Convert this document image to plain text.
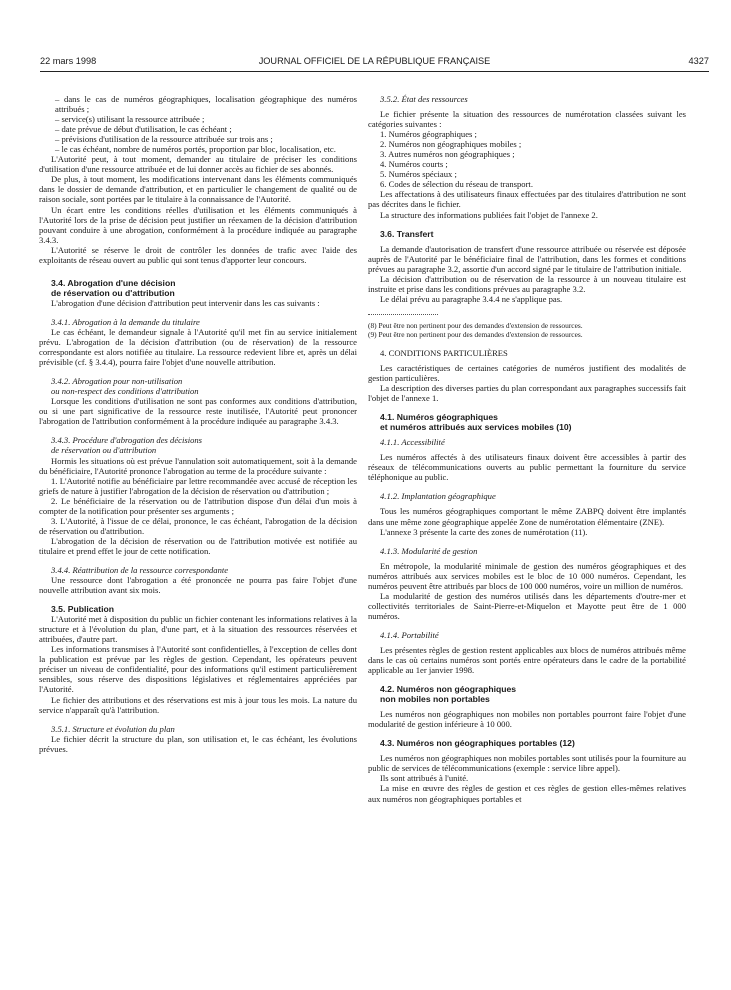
22 mars 1998	JOURNAL OFFICIEL DE LA RÉPUBLIQUE FRANÇAISE	4327

– dans le cas de numéros géographiques, localisation géographique des numéros attribués ;

– service(s) utilisant la ressource attribuée ;

– date prévue de début d'utilisation, le cas échéant ;

– prévisions d'utilisation de la ressource attribuée sur trois ans ;

– le cas échéant, nombre de numéros portés, proportion par bloc, localisation, etc.

L'Autorité peut, à tout moment, demander au titulaire de préciser les conditions d'utilisation d'une ressource attribuée et de lui donner accès au fichier de ses abonnés.

De plus, à tout moment, les modifications intervenant dans les éléments communiqués dans le dossier de demande d'attribution, et en particulier le changement de qualité ou de raison sociale, sont portées par le titulaire à la connaissance de l'Autorité.

Un écart entre les conditions réelles d'utilisation et les éléments communiqués à l'Autorité lors de la prise de décision peut justifier un réexamen de la décision d'attribution pouvant conduire à une abrogation, conformément à la procédure indiquée au paragraphe 3.4.3.

L'Autorité se réserve le droit de contrôler les données de trafic avec l'aide des exploitants de réseau ouvert au public qui sont tenus d'apporter leur concours.

3.4. Abrogation d'une décision

de réservation ou d'attribution

L'abrogation d'une décision d'attribution peut intervenir dans les cas suivants :

3.4.1. Abrogation à la demande du titulaire

Le cas échéant, le demandeur signale à l'Autorité qu'il met fin au service initialement prévu. L'abrogation de la décision d'attribution (ou de réservation) de la ressource correspondante est alors notifiée au titulaire. La ressource redevient libre et, après un délai prévisible (cf. § 3.4.4), pourra faire l'objet d'une nouvelle attribution.

3.4.2. Abrogation pour non-utilisation

ou non-respect des conditions d'attribution

Lorsque les conditions d'utilisation ne sont pas conformes aux conditions d'attribution, ou si une part significative de la ressource reste inutilisée, l'Autorité peut prononcer l'abrogation de l'attribution conformément à la procédure indiquée au paragraphe 3.4.3.

3.4.3. Procédure d'abrogation des décisions

de réservation ou d'attribution

Hormis les situations où est prévue l'annulation soit automatiquement, soit à la demande du bénéficiaire, l'Autorité prononce l'abrogation au terme de la procédure suivante :

1. L'Autorité notifie au bénéficiaire par lettre recommandée avec accusé de réception les griefs de nature à justifier l'abrogation de la décision de réservation ou d'attribution ;

2. Le bénéficiaire de la réservation ou de l'attribution dispose d'un délai d'un mois à compter de la notification pour présenter ses arguments ;

3. L'Autorité, à l'issue de ce délai, prononce, le cas échéant, l'abrogation de la décision de réservation ou d'attribution.

L'abrogation de la décision de réservation ou de l'attribution motivée est notifiée au titulaire et prend effet le jour de cette notification.

3.4.4. Réattribution de la ressource correspondante

Une ressource dont l'abrogation a été prononcée ne pourra pas faire l'objet d'une nouvelle attribution avant six mois.

3.5. Publication

L'Autorité met à disposition du public un fichier contenant les informations relatives à la structure et à l'évolution du plan, d'une part, et à la situation des ressources réservées et attribuées, d'autre part.

Les informations transmises à l'Autorité sont confidentielles, à l'exception de celles dont la publication est prévue par les règles de gestion. Cependant, les opérateurs peuvent préciser un niveau de confidentialité, pour des informations qu'il estiment particulièrement sensibles, sous réserve des dispositions législatives et réglementaires appréciées par l'Autorité.

Le fichier des attributions et des réservations est mis à jour tous les mois. La nature du service n'apparaît qu'à l'attribution.

3.5.1. Structure et évolution du plan

Le fichier décrit la structure du plan, son utilisation et, le cas échéant, les évolutions prévues.

3.5.2. État des ressources

Le fichier présente la situation des ressources de numérotation classées suivant les catégories suivantes :

1. Numéros géographiques ;

2. Numéros non géographiques mobiles ;

3. Autres numéros non géographiques ;

4. Numéros courts ;

5. Numéros spéciaux ;

6. Codes de sélection du réseau de transport.

Les affectations à des utilisateurs finaux effectuées par des titulaires d'attribution ne sont pas décrites dans le fichier.

La structure des informations publiées fait l'objet de l'annexe 2.

3.6. Transfert

La demande d'autorisation de transfert d'une ressource attribuée ou réservée est déposée auprès de l'Autorité par le bénéficiaire final de l'attribution, dans les formes et conditions prévues au paragraphe 3.2, assortie d'un accord signé par le titulaire de l'attribution initiale.

La décision d'attribution ou de réservation de la ressource à un nouveau titulaire est instruite et prise dans les conditions prévues au paragraphe 3.2.

Le délai prévu au paragraphe 3.4.4 ne s'applique pas.

(8) Peut être non pertinent pour des demandes d'extension de ressources.

(9) Peut être non pertinent pour des demandes d'extension de ressources.

4. CONDITIONS PARTICULIÈRES

Les caractéristiques de certaines catégories de numéros justifient des modalités de gestion particulières.

La description des diverses parties du plan correspondant aux paragraphes successifs fait l'objet de l'annexe 1.

4.1. Numéros géographiques

et numéros attribués aux services mobiles (10)

4.1.1. Accessibilité

Les numéros affectés à des utilisateurs finaux doivent être accessibles à partir des réseaux de télécommunications ouverts au public permettant la fourniture du service téléphonique au public.

4.1.2. Implantation géographique

Tous les numéros géographiques comportant le même ZABPQ doivent être implantés dans une même zone géographique appelée Zone de numérotation élémentaire (ZNE).

L'annexe 3 présente la carte des zones de numérotation (11).

4.1.3. Modularité de gestion

En métropole, la modularité minimale de gestion des numéros géographiques et des numéros attribués aux services mobiles est le bloc de 10 000 numéros. Cependant, les numéros peuvent être attribués par blocs de 100 000 numéros, voire un million de numéros.

La modularité de gestion des numéros utilisés dans les départements d'outre-mer et collectivités territoriales de Saint-Pierre-et-Miquelon et Mayotte peut être de 1 000 numéros.

4.1.4. Portabilité

Les présentes règles de gestion restent applicables aux blocs de numéros attribués même dans le cas où certains numéros sont portés entre opérateurs dans le cadre de la portabilité applicable au 1er janvier 1998.

4.2. Numéros non géographiques

non mobiles non portables

Les numéros non géographiques non mobiles non portables pourront faire l'objet d'une modularité de gestion inférieure à 10 000.

4.3. Numéros non géographiques portables (12)

Les numéros non géographiques non mobiles portables sont utilisés pour la fourniture au public de services de télécommunications (exemple : service libre appel).

Ils sont attribués à l'unité.

La mise en œuvre des règles de gestion et ces règles de gestion elles-mêmes relatives aux numéros non géographiques portables et
